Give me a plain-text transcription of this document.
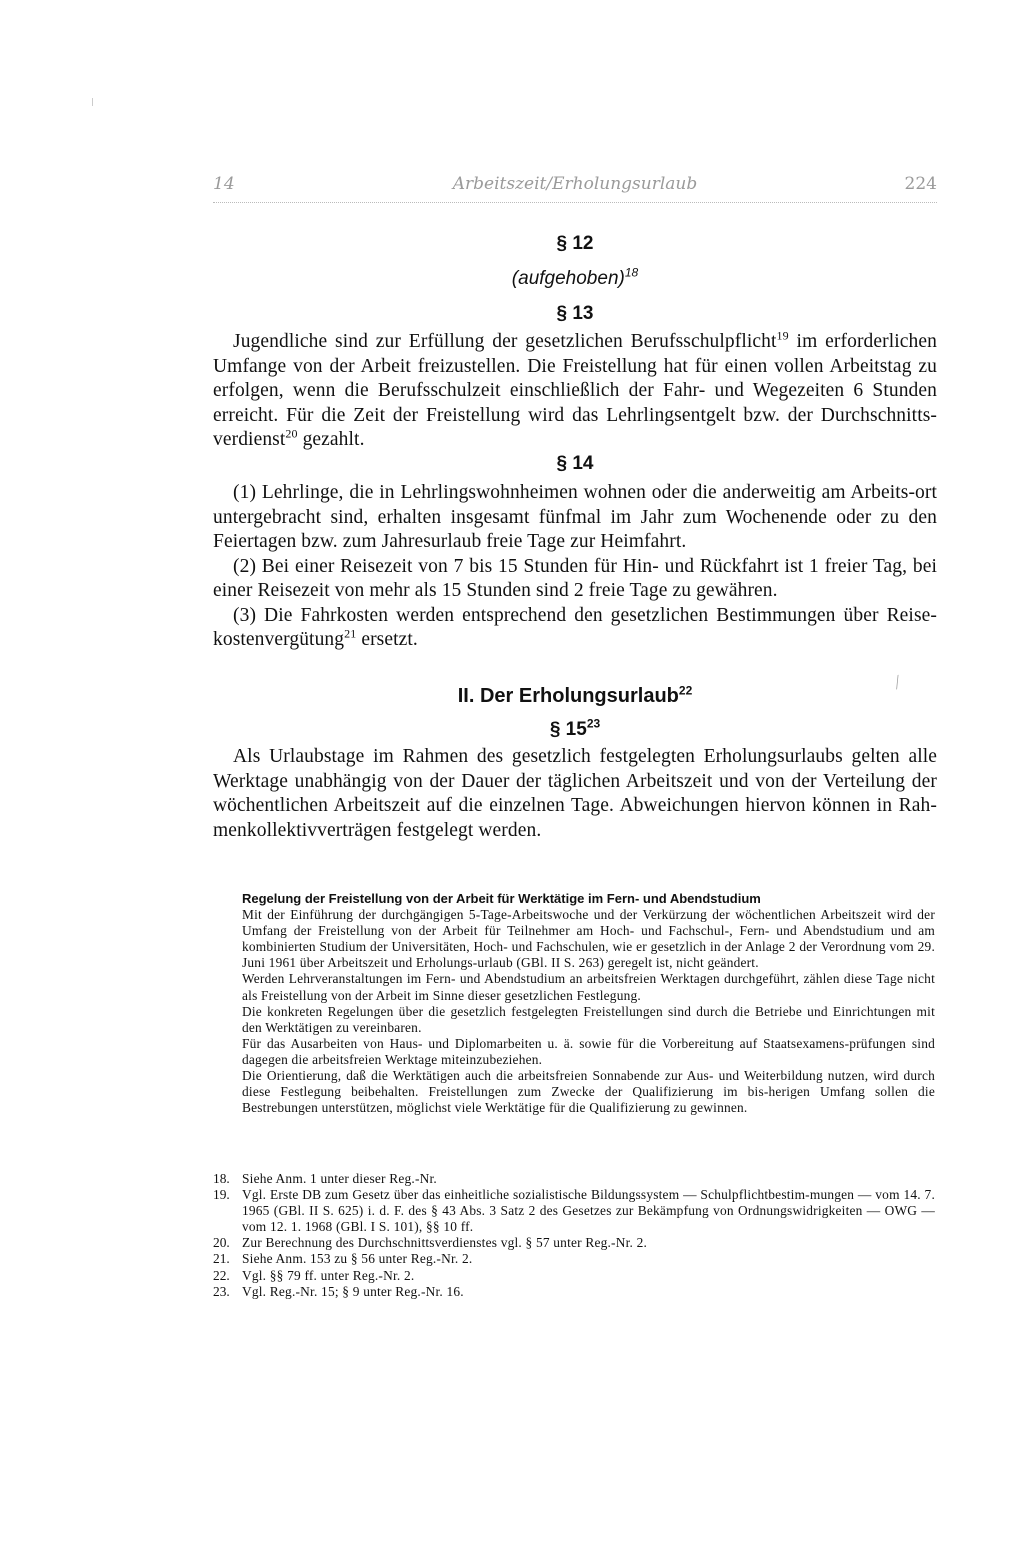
14	Arbeitszeit/Erholungsurlaub	224

§ 12

(aufgehoben)$^{18}$

§ 13

Jugendliche sind zur Erfüllung der gesetzlichen Berufsschulpflicht$^{19}$ im erforderlichen Umfange von der Arbeit freizustellen. Die Freistellung hat für einen vollen Arbeitstag zu erfolgen, wenn die Berufsschulzeit einschließlich der Fahr- und Wegezeiten 6 Stunden erreicht. Für die Zeit der Freistellung wird das Lehrlingsentgelt bzw. der Durchschnitts-verdienst$^{20}$ gezahlt.

§ 14

(1) Lehrlinge, die in Lehrlingswohnheimen wohnen oder die anderweitig am Arbeits-ort untergebracht sind, erhalten insgesamt fünfmal im Jahr zum Wochenende oder zu den Feiertagen bzw. zum Jahresurlaub freie Tage zur Heimfahrt.

(2) Bei einer Reisezeit von 7 bis 15 Stunden für Hin- und Rückfahrt ist 1 freier Tag, bei einer Reisezeit von mehr als 15 Stunden sind 2 freie Tage zu gewähren.

(3) Die Fahrkosten werden entsprechend den gesetzlichen Bestimmungen über Reise-kostenvergütung$^{21}$ ersetzt.

⁄

II. Der Erholungsurlaub$^{22}$

§ $15^{23}$

Als Urlaubstage im Rahmen des gesetzlich festgelegten Erholungsurlaubs gelten alle Werktage unabhängig von der Dauer der täglichen Arbeitszeit und von der Verteilung der wöchentlichen Arbeitszeit auf die einzelnen Tage. Abweichungen hiervon können in Rah-menkollektivverträgen festgelegt werden.

Regelung der Freistellung von der Arbeit für Werktätige im Fern- und Abendstudium

Mit der Einführung der durchgängigen 5-Tage-Arbeitswoche und der Verkürzung der wöchentlichen Arbeitszeit wird der Umfang der Freistellung von der Arbeit für Teilnehmer am Hoch- und Fachschul-, Fern- und Abendstudium und am kombinierten Studium der Universitäten, Hoch- und Fachschulen, wie er gesetzlich in der Anlage 2 der Verordnung vom 29. Juni 1961 über Arbeitszeit und Erholungs-urlaub (GBl. II S. 263) geregelt ist, nicht geändert.

Werden Lehrveranstaltungen im Fern- und Abendstudium an arbeitsfreien Werktagen durchgeführt, zählen diese Tage nicht als Freistellung von der Arbeit im Sinne dieser gesetzlichen Festlegung.

Die konkreten Regelungen über die gesetzlich festgelegten Freistellungen sind durch die Betriebe und Einrichtungen mit den Werktätigen zu vereinbaren.

Für das Ausarbeiten von Haus- und Diplomarbeiten u. ä. sowie für die Vorbereitung auf Staatsexamens-prüfungen sind dagegen die arbeitsfreien Werktage miteinzubeziehen.

Die Orientierung, daß die Werktätigen auch die arbeitsfreien Sonnabende zur Aus- und Weiterbildung nutzen, wird durch diese Festlegung beibehalten. Freistellungen zum Zwecke der Qualifizierung im bis-herigen Umfang sollen die Bestrebungen unterstützen, möglichst viele Werktätige für die Qualifizierung zu gewinnen.

18. Siehe Anm. 1 unter dieser Reg.-Nr.
19. Vgl. Erste DB zum Gesetz über das einheitliche sozialistische Bildungssystem — Schulpflichtbestim-mungen — vom 14. 7. 1965 (GBl. II S. 625) i. d. F. des § 43 Abs. 3 Satz 2 des Gesetzes zur Bekämpfung von Ordnungswidrigkeiten — OWG — vom 12. 1. 1968 (GBl. I S. 101), §§ 10 ff.
20. Zur Berechnung des Durchschnittsverdienstes vgl. § 57 unter Reg.-Nr. 2.
21. Siehe Anm. 153 zu § 56 unter Reg.-Nr. 2.
22. Vgl. §§ 79 ff. unter Reg.-Nr. 2.
23. Vgl. Reg.-Nr. 15; § 9 unter Reg.-Nr. 16.
